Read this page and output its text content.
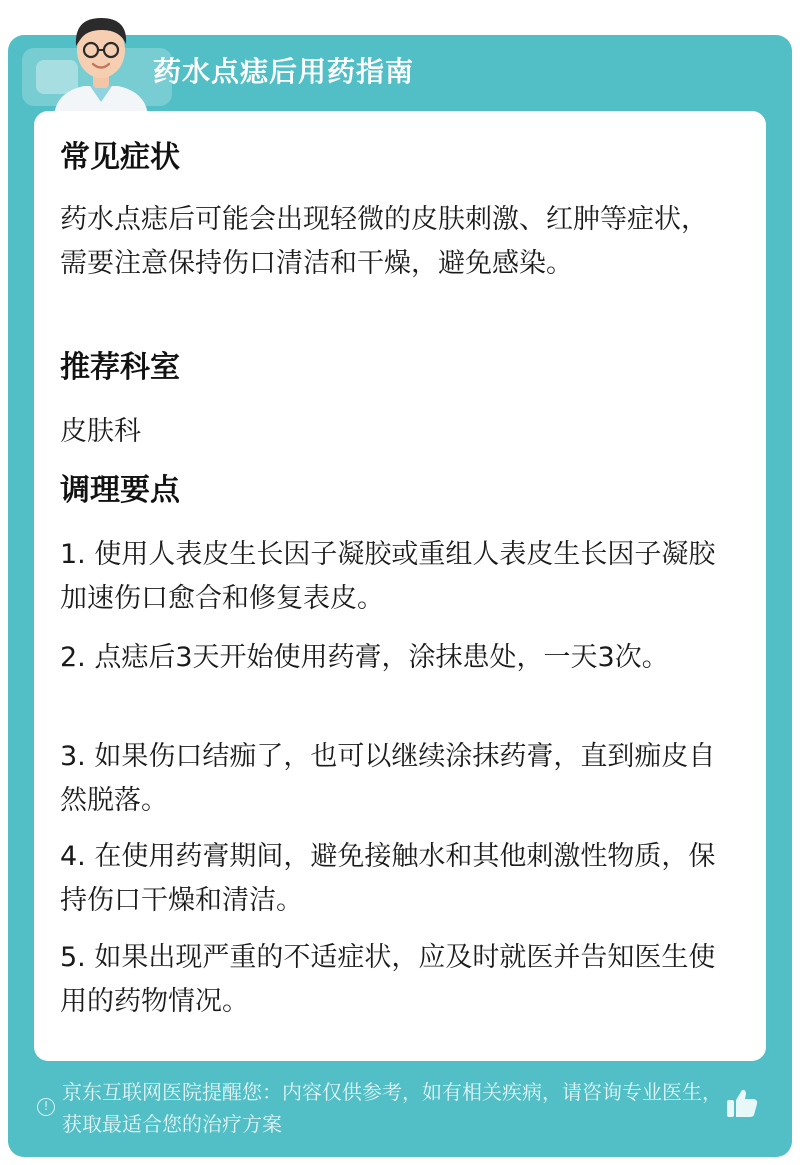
药水点痣后用药指南
常见症状
药水点痣后可能会出现轻微的皮肤刺激、红肿等症状，需要注意保持伤口清洁和干燥，避免感染。
推荐科室
皮肤科
调理要点
1. 使用人表皮生长因子凝胶或重组人表皮生长因子凝胶加速伤口愈合和修复表皮。
2. 点痣后3天开始使用药膏，涂抹患处，一天3次。
3. 如果伤口结痂了，也可以继续涂抹药膏，直到痂皮自然脱落。
4. 在使用药膏期间，避免接触水和其他刺激性物质，保持伤口干燥和清洁。
5. 如果出现严重的不适症状，应及时就医并告知医生使用的药物情况。
!
京东互联网医院提醒您：内容仅供参考，如有相关疾病，请咨询专业医生，获取最适合您的治疗方案
